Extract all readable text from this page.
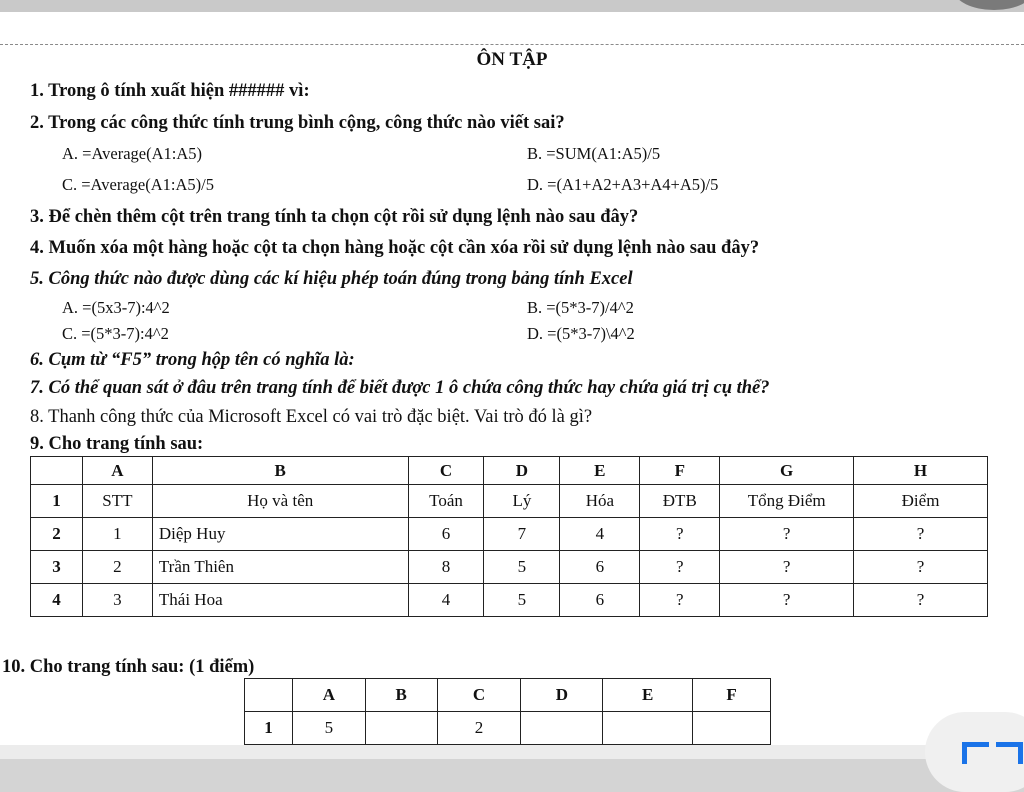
ÔN TẬP
1. Trong ô tính xuất hiện ###### vì:
2. Trong các công thức tính trung bình cộng, công thức nào viết sai?
A. =Average(A1:A5)	B. =SUM(A1:A5)/5
C. =Average(A1:A5)/5	D. =(A1+A2+A3+A4+A5)/5
3. Để chèn thêm cột trên trang tính ta chọn cột rồi sử dụng lệnh nào sau đây?
4. Muốn xóa một hàng hoặc cột ta chọn hàng hoặc cột cần xóa rồi sử dụng lệnh nào sau đây?
5. Công thức nào được dùng các kí hiệu phép toán đúng trong bảng tính Excel
A. =(5x3-7):4^2	B. =(5*3-7)/4^2
C. =(5*3-7):4^2	D. =(5*3-7)\4^2
6. Cụm từ “F5” trong hộp tên có nghĩa là:
7. Có thể quan sát ở đâu trên trang tính để biết được 1 ô chứa công thức hay chứa giá trị cụ thể?
8. Thanh công thức của Microsoft Excel có vai trò đặc biệt. Vai trò đó là gì?
9. Cho trang tính sau:
	A	B	C	D	E	F	G	H
1	STT	Họ và tên	Toán	Lý	Hóa	ĐTB	Tổng Điểm	Điểm
2	1	Diệp Huy	6	7	4	?	?	?
3	2	Trần Thiên	8	5	6	?	?	?
4	3	Thái Hoa	4	5	6	?	?	?
10. Cho trang tính sau: (1 điểm)
	A	B	C	D	E	F
1	5		2			
